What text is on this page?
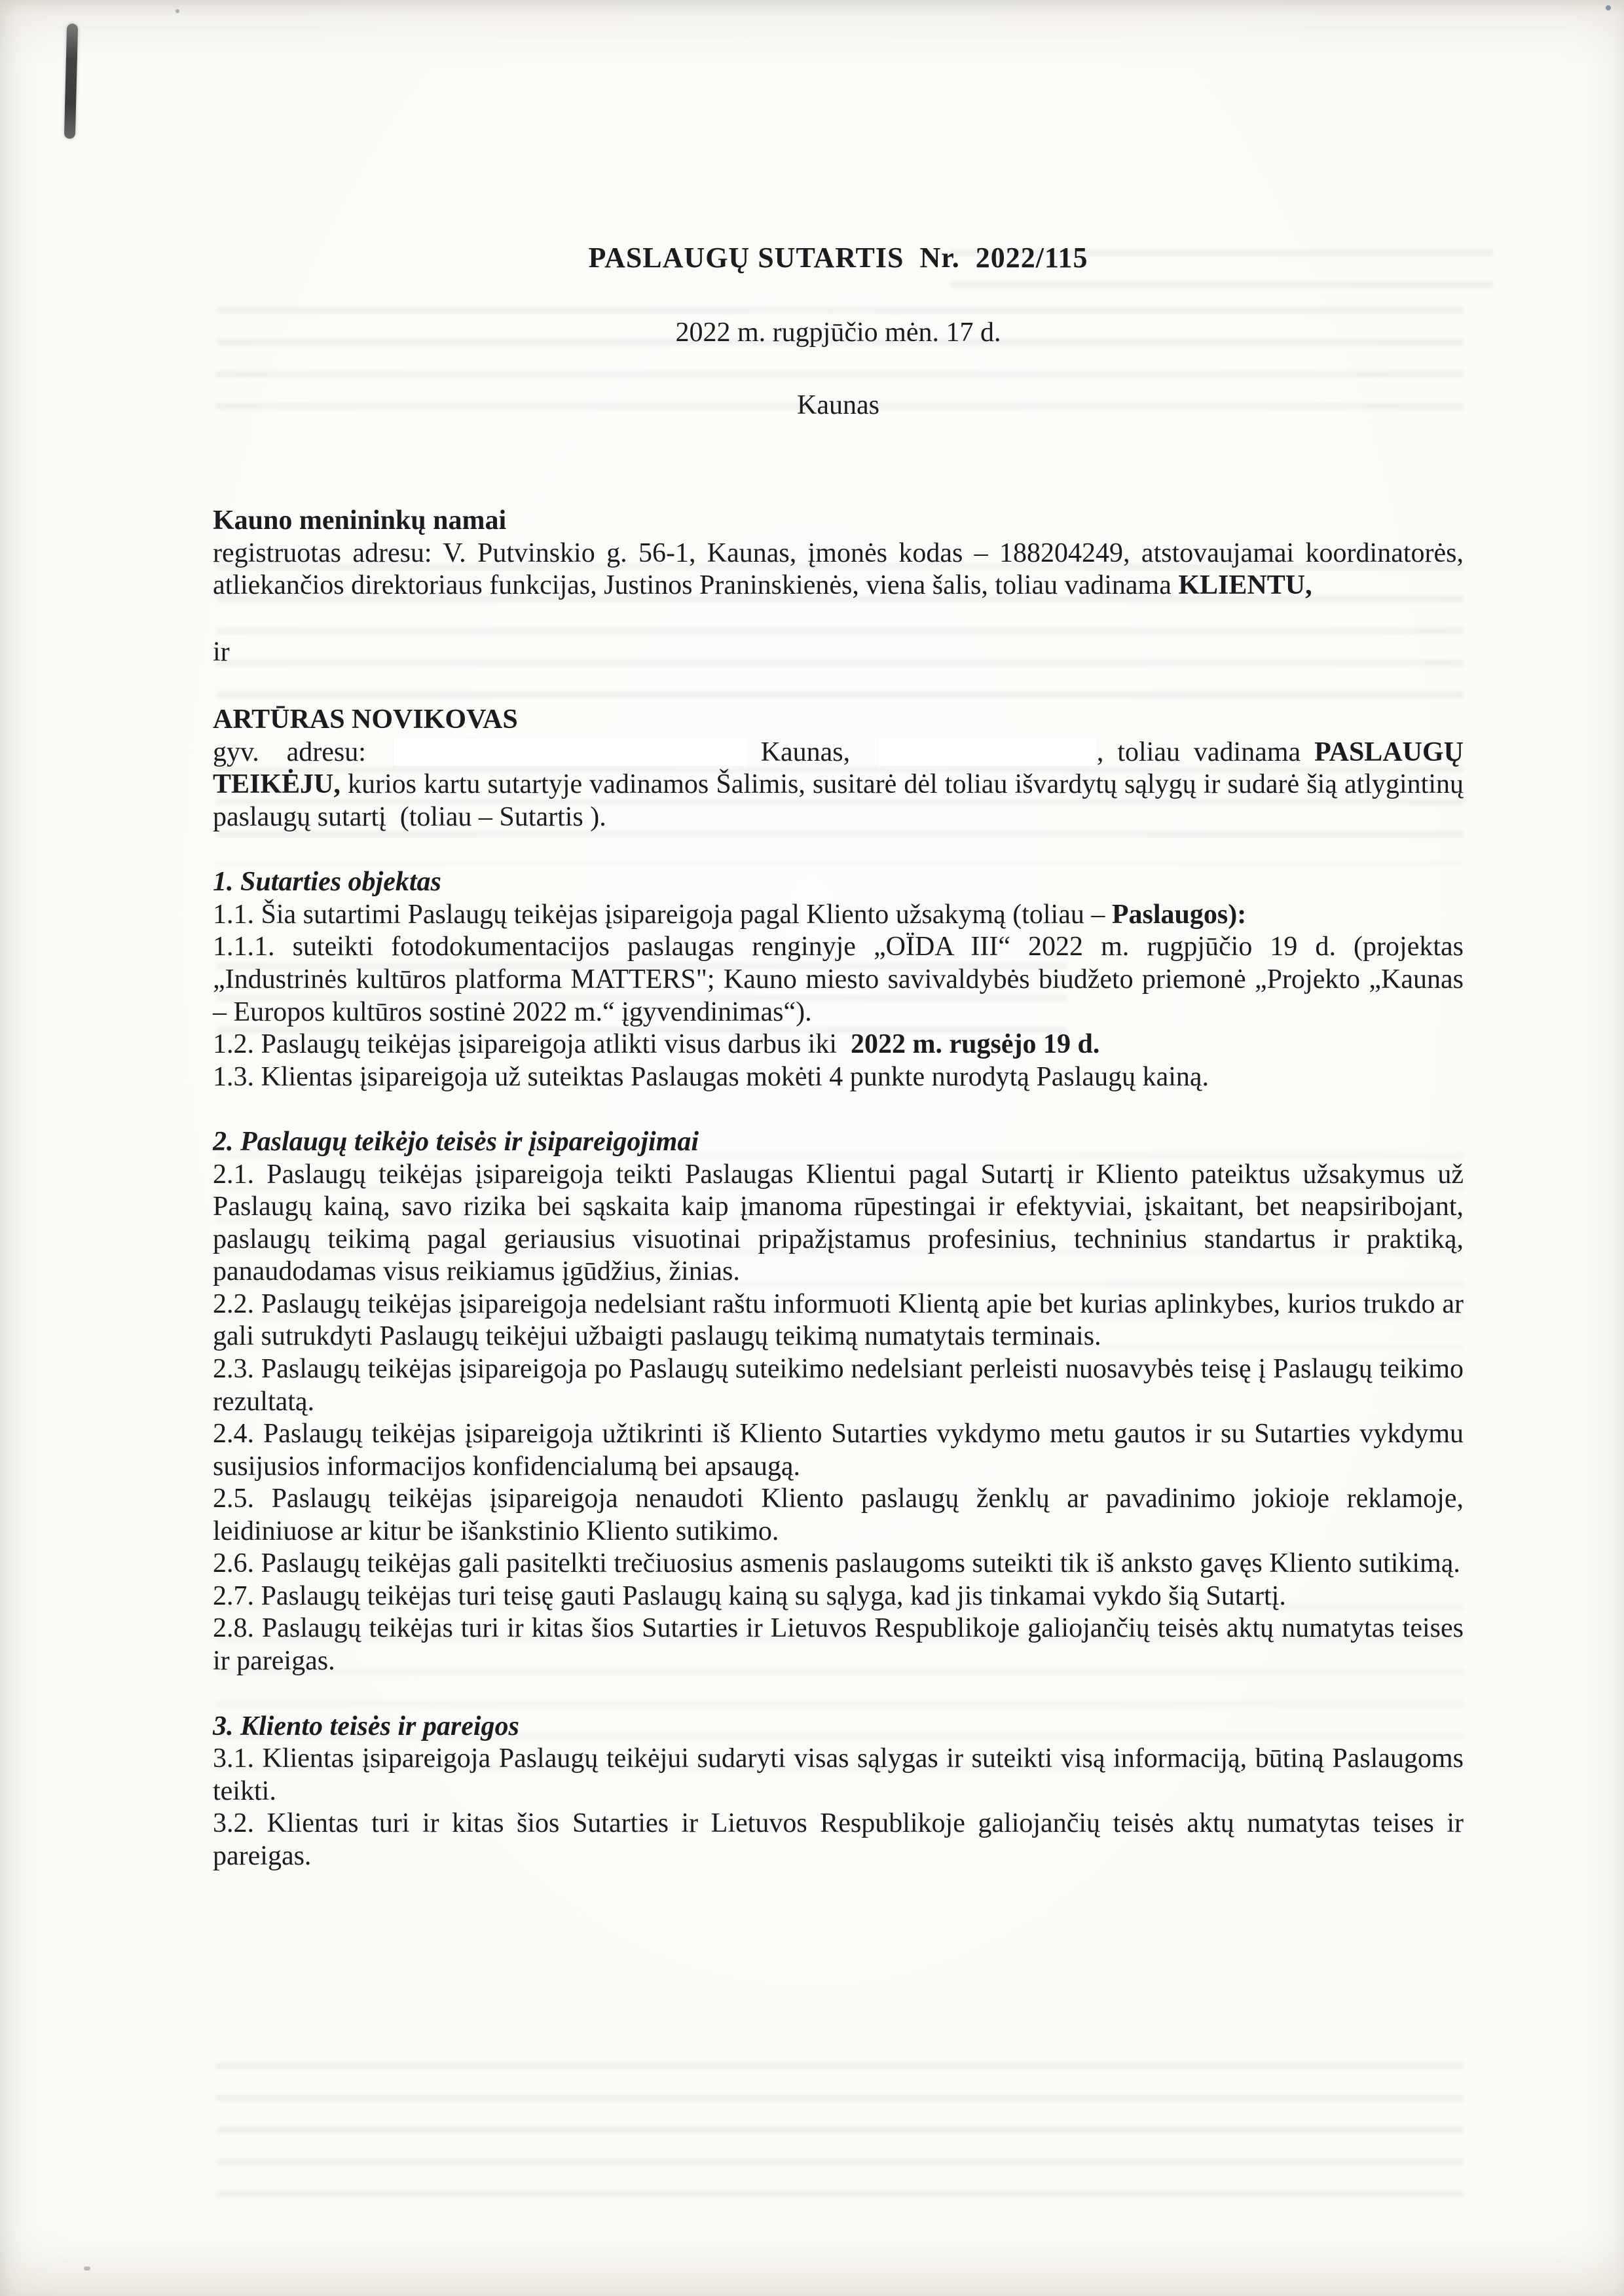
PASLAUGŲ SUTARTIS  Nr.  2022/115

2022 m. rugpjūčio mėn. 17 d.

Kaunas

Kauno menininkų namai

registruotas adresu: V. Putvinskio g. 56-1, Kaunas, įmonės kodas – 188204249, atstovaujamai koordinatorės, atliekančios direktoriaus funkcijas, Justinos Praninskienės, viena šalis, toliau vadinama KLIENTU,

ir

ARTŪRAS NOVIKOVAS

gyv.  adresu:	Kaunas,	, toliau vadinama PASLAUGŲ TEIKĖJU, kurios kartu sutartyje vadinamos Šalimis, susitarė dėl toliau išvardytų sąlygų ir sudarė šią atlygintinų paslaugų sutartį  (toliau – Sutartis ).

1. Sutarties objektas

1.1. Šia sutartimi Paslaugų teikėjas įsipareigoja pagal Kliento užsakymą (toliau – Paslaugos):

1.1.1. suteikti fotodokumentacijos paslaugas renginyje „OÏDA III“ 2022 m. rugpjūčio 19 d. (projektas „Industrinės kultūros platforma MATTERS"; Kauno miesto savivaldybės biudžeto priemonė „Projekto „Kaunas – Europos kultūros sostinė 2022 m.“ įgyvendinimas“).

1.2. Paslaugų teikėjas įsipareigoja atlikti visus darbus iki  2022 m. rugsėjo 19 d.

1.3. Klientas įsipareigoja už suteiktas Paslaugas mokėti 4 punkte nurodytą Paslaugų kainą.

2. Paslaugų teikėjo teisės ir įsipareigojimai

2.1. Paslaugų teikėjas įsipareigoja teikti Paslaugas Klientui pagal Sutartį ir Kliento pateiktus užsakymus už Paslaugų kainą, savo rizika bei sąskaita kaip įmanoma rūpestingai ir efektyviai, įskaitant, bet neapsiribojant, paslaugų teikimą pagal geriausius visuotinai pripažįstamus profesinius, techninius standartus ir praktiką, panaudodamas visus reikiamus įgūdžius, žinias.

2.2. Paslaugų teikėjas įsipareigoja nedelsiant raštu informuoti Klientą apie bet kurias aplinkybes, kurios trukdo ar gali sutrukdyti Paslaugų teikėjui užbaigti paslaugų teikimą numatytais terminais.

2.3. Paslaugų teikėjas įsipareigoja po Paslaugų suteikimo nedelsiant perleisti nuosavybės teisę į Paslaugų teikimo rezultatą.

2.4. Paslaugų teikėjas įsipareigoja užtikrinti iš Kliento Sutarties vykdymo metu gautos ir su Sutarties vykdymu susijusios informacijos konfidencialumą bei apsaugą.

2.5. Paslaugų teikėjas įsipareigoja nenaudoti Kliento paslaugų ženklų ar pavadinimo jokioje reklamoje, leidiniuose ar kitur be išankstinio Kliento sutikimo.

2.6. Paslaugų teikėjas gali pasitelkti trečiuosius asmenis paslaugoms suteikti tik iš anksto gavęs Kliento sutikimą.

2.7. Paslaugų teikėjas turi teisę gauti Paslaugų kainą su sąlyga, kad jis tinkamai vykdo šią Sutartį.

2.8. Paslaugų teikėjas turi ir kitas šios Sutarties ir Lietuvos Respublikoje galiojančių teisės aktų numatytas teises ir pareigas.

3. Kliento teisės ir pareigos

3.1. Klientas įsipareigoja Paslaugų teikėjui sudaryti visas sąlygas ir suteikti visą informaciją, būtiną Paslaugoms teikti.

3.2. Klientas turi ir kitas šios Sutarties ir Lietuvos Respublikoje galiojančių teisės aktų numatytas teises ir pareigas.
